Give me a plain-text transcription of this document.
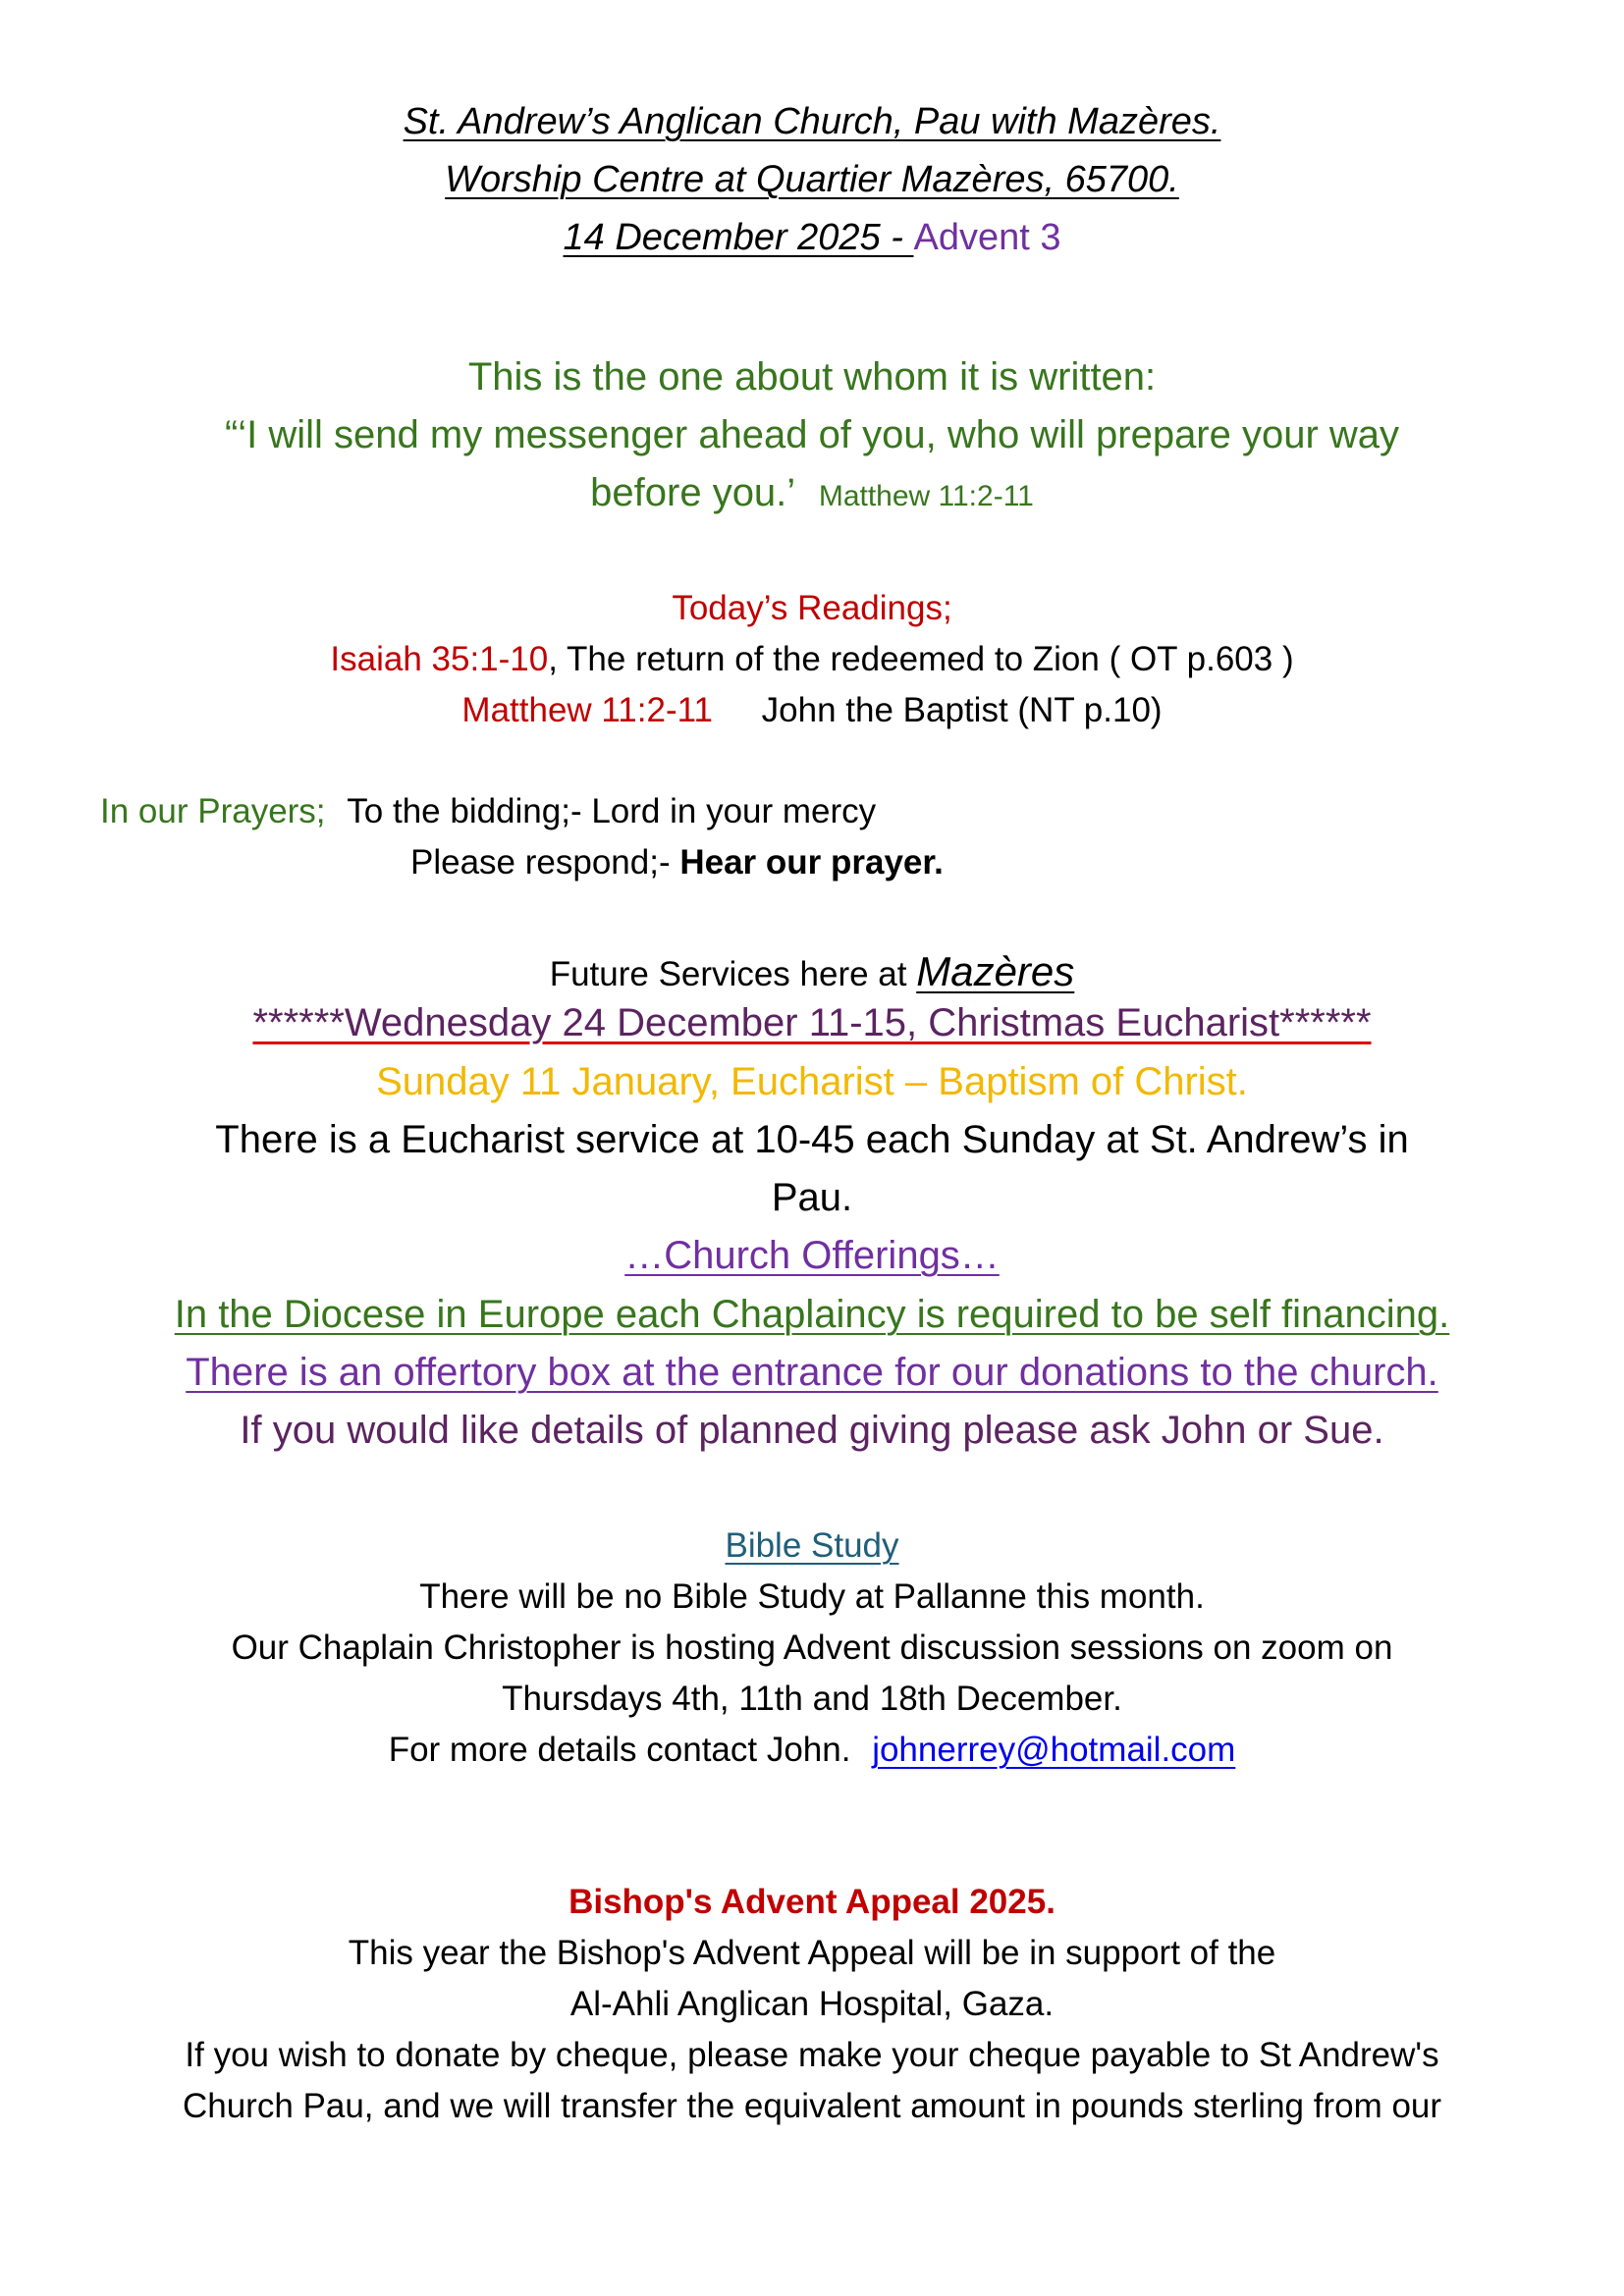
St. Andrew’s Anglican Church, Pau with Mazères.
Worship Centre at Quartier Mazères, 65700.
14 December 2025 - Advent 3
This is the one about whom it is written:
“‘I will send my messenger ahead of you, who will prepare your way
before you.’ Matthew 11:2-11
Today’s Readings;
Isaiah 35:1-10, The return of the redeemed to Zion ( OT p.603 )
Matthew 11:2-11 John the Baptist (NT p.10)
In our Prayers; To the bidding;- Lord in your mercy
Please respond;- Hear our prayer.
Future Services here at Mazères
******Wednesday 24 December 11-15, Christmas Eucharist******
Sunday 11 January, Eucharist – Baptism of Christ.
There is a Eucharist service at 10-45 each Sunday at St. Andrew’s in
Pau.
…Church Offerings…
In the Diocese in Europe each Chaplaincy is required to be self financing.
There is an offertory box at the entrance for our donations to the church.
If you would like details of planned giving please ask John or Sue.
Bible Study
There will be no Bible Study at Pallanne this month.
Our Chaplain Christopher is hosting Advent discussion sessions on zoom on
Thursdays 4th, 11th and 18th December.
For more details contact John. johnerrey@hotmail.com
Bishop's Advent Appeal 2025.
This year the Bishop's Advent Appeal will be in support of the
Al-Ahli Anglican Hospital, Gaza.
If you wish to donate by cheque, please make your cheque payable to St Andrew's
Church Pau, and we will transfer the equivalent amount in pounds sterling from our
